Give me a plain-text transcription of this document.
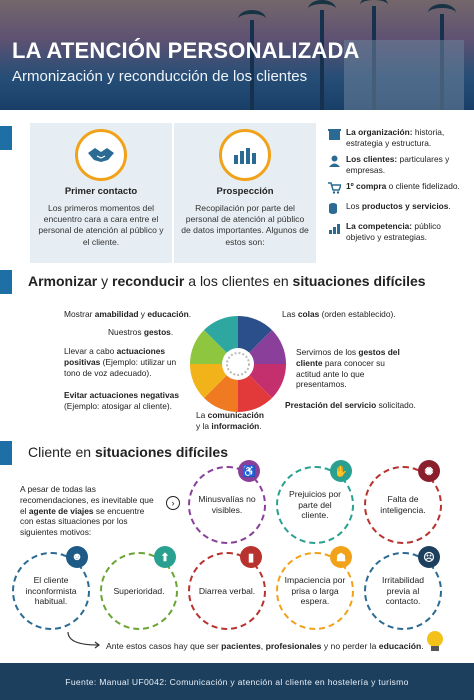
LA ATENCIÓN PERSONALIZADA
Armonización y reconducción de los clientes
Primer contacto

Los primeros momentos del encuentro cara a cara entre el personal de atención al público y el cliente.

Prospección

Recopilación por parte del personal de atención al público de datos importantes. Algunos de estos son:

La organización: historia, estrategia y estructura.
Los clientes: particulares y empresas.
1º compra o cliente fidelizado.
Los productos y servicios.
La competencia: público objetivo y estrategias.
Armonizar y reconducir a los clientes en situaciones difíciles
Mostrar amabilidad y educación.
Nuestros gestos.
Llevar a cabo actuaciones positivas (Ejemplo: utilizar un tono de voz adecuado).
Evitar actuaciones negativas
(Ejemplo: atosigar al cliente).
La comunicación
y la información.
Las colas (orden establecido).
Servirnos de los gestos del cliente para conocer su actitud ante lo que presentamos.
Prestación del servicio solicitado.
Cliente en situaciones difíciles
A pesar de todas las recomendaciones, es inevitable que el agente de viajes se encuentre con estas situaciones por los siguientes motivos:
›	Minusvalías no visibles.
♿
Prejuicios por parte del cliente.
✋
Falta de inteligencia.
✺
El cliente inconformista habitual.
☻
Superioridad.
⬆
Diarrea verbal.
▮
Impaciencia por prisa o larga espera.
☗
Irritabilidad previa al contacto.
☹
Ante estos casos hay que ser pacientes, profesionales y no perder la educación.
Fuente: Manual UF0042: Comunicación y atención al cliente en hostelería y turismo
